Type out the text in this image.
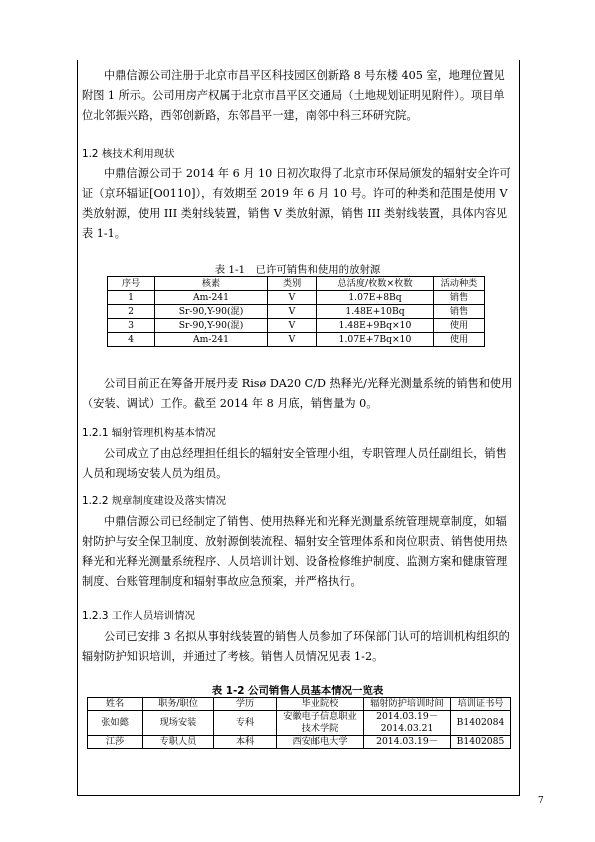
中鼎信源公司注册于北京市昌平区科技园区创新路 8 号东楼 405 室，地理位置见附图 1 所示。公司用房产权属于北京市昌平区交通局（土地规划证明见附件）。项目单位北邻振兴路，西邻创新路，东邻昌平一建，南邻中科三环研究院。
1.2 核技术利用现状
中鼎信源公司于 2014 年 6 月 10 日初次取得了北京市环保局颁发的辐射安全许可证（京环辐证[O0110]），有效期至 2019 年 6 月 10 号。许可的种类和范围是使用 V 类放射源，使用 III 类射线装置，销售 V 类放射源，销售 III 类射线装置，具体内容见表 1-1。
表 1-1　已许可销售和使用的放射源
序号	核素	类别	总活度/枚数×枚数	活动种类
1	Am-241	V	1.07E+8Bq	销售
2	Sr-90,Y-90(混)	V	1.48E+10Bq	销售
3	Sr-90,Y-90(混)	V	1.48E+9Bq×10	使用
4	Am-241	V	1.07E+7Bq×10	使用
公司目前正在筹备开展丹麦 Risø DA20 C/D 热释光/光释光测量系统的销售和使用（安装、调试）工作。截至 2014 年 8 月底，销售量为 0。
1.2.1 辐射管理机构基本情况
公司成立了由总经理担任组长的辐射安全管理小组，专职管理人员任副组长，销售人员和现场安装人员为组员。
1.2.2 规章制度建设及落实情况
中鼎信源公司已经制定了销售、使用热释光和光释光测量系统管理规章制度，如辐射防护与安全保卫制度、放射源倒装流程、辐射安全管理体系和岗位职责、销售使用热释光和光释光测量系统程序、人员培训计划、设备检修维护制度、监测方案和健康管理制度、台账管理制度和辐射事故应急预案，并严格执行。
1.2.3 工作人员培训情况
公司已安排 3 名拟从事射线装置的销售人员参加了环保部门认可的培训机构组织的辐射防护知识培训，并通过了考核。销售人员情况见表 1-2。
表 1-2 公司销售人员基本情况一览表
姓名	职务/职位	学历	毕业院校	辐射防护培训时间	培训证书号
张如懿	现场安装	专科	安徽电子信息职业技术学院	2014.03.19－2014.03.21	B1402084
江莎	专职人员	本科	西安邮电大学	2014.03.19－	B1402085
7
